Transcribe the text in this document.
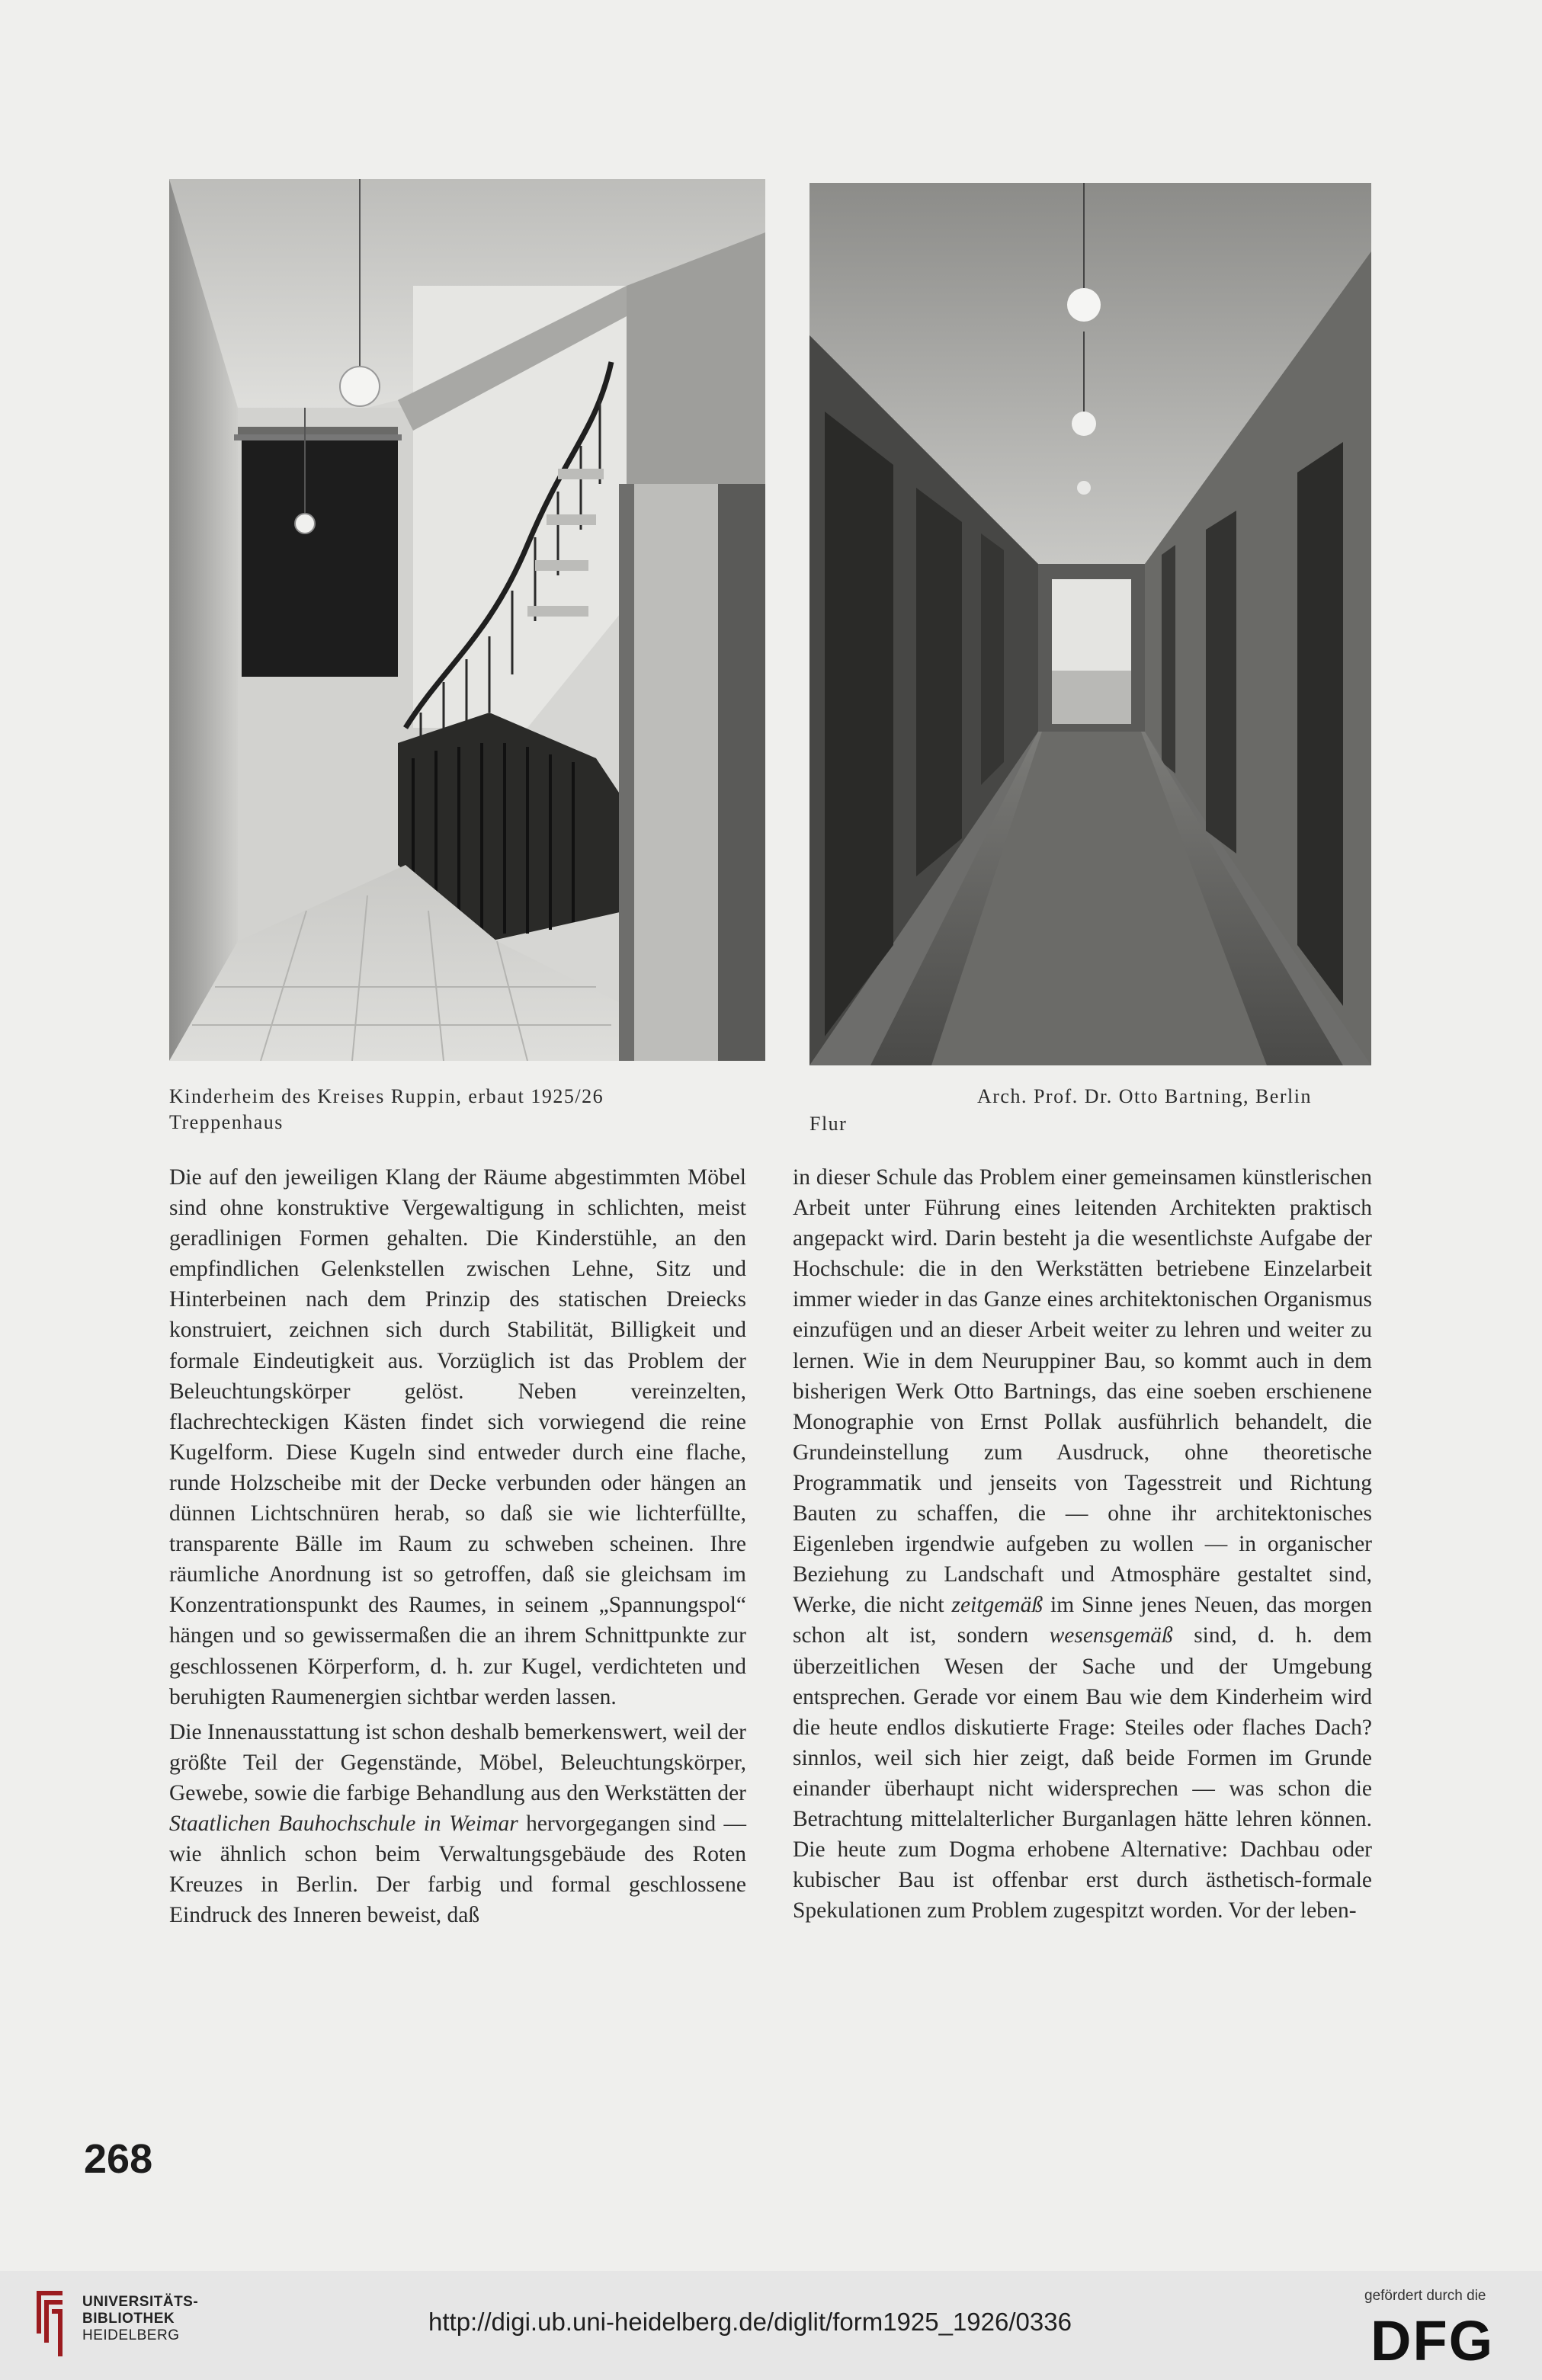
Kinderheim des Kreises Ruppin, erbaut 1925/26
Treppenhaus
Arch. Prof. Dr. Otto Bartning, Berlin
Flur

Die auf den jeweiligen Klang der Räume abgestimmten Möbel sind ohne konstruktive Vergewaltigung in schlichten, meist geradlinigen Formen gehalten. Die Kinderstühle, an den empfindlichen Gelenkstellen zwischen Lehne, Sitz und Hinterbeinen nach dem Prinzip des statischen Dreiecks konstruiert, zeichnen sich durch Stabilität, Billigkeit und formale Eindeutigkeit aus. Vorzüglich ist das Problem der Beleuchtungskörper gelöst. Neben vereinzelten, flachrechteckigen Kästen findet sich vorwiegend die reine Kugelform. Diese Kugeln sind entweder durch eine flache, runde Holzscheibe mit der Decke verbunden oder hängen an dünnen Lichtschnüren herab, so daß sie wie lichterfüllte, transparente Bälle im Raum zu schweben scheinen. Ihre räumliche Anordnung ist so getroffen, daß sie gleichsam im Konzentrationspunkt des Raumes, in seinem „Spannungspol“ hängen und so gewissermaßen die an ihrem Schnittpunkte zur geschlossenen Körperform, d. h. zur Kugel, verdichteten und beruhigten Raumenergien sichtbar werden lassen.

Die Innenausstattung ist schon deshalb bemerkenswert, weil der größte Teil der Gegenstände, Möbel, Beleuchtungskörper, Gewebe, sowie die farbige Behandlung aus den Werkstätten der Staatlichen Bauhochschule in Weimar hervorgegangen sind — wie ähnlich schon beim Verwaltungsgebäude des Roten Kreuzes in Berlin. Der farbig und formal geschlossene Eindruck des Inneren beweist, daß

in dieser Schule das Problem einer gemeinsamen künstlerischen Arbeit unter Führung eines leitenden Architekten praktisch angepackt wird. Darin besteht ja die wesentlichste Aufgabe der Hochschule: die in den Werkstätten betriebene Einzelarbeit immer wieder in das Ganze eines architektonischen Organismus einzufügen und an dieser Arbeit weiter zu lehren und weiter zu lernen. Wie in dem Neuruppiner Bau, so kommt auch in dem bisherigen Werk Otto Bartnings, das eine soeben erschienene Monographie von Ernst Pollak ausführlich behandelt, die Grundeinstellung zum Ausdruck, ohne theoretische Programmatik und jenseits von Tagesstreit und Richtung Bauten zu schaffen, die — ohne ihr architektonisches Eigenleben irgendwie aufgeben zu wollen — in organischer Beziehung zu Landschaft und Atmosphäre gestaltet sind, Werke, die nicht zeitgemäß im Sinne jenes Neuen, das morgen schon alt ist, sondern wesensgemäß sind, d. h. dem überzeitlichen Wesen der Sache und der Umgebung entsprechen. Gerade vor einem Bau wie dem Kinderheim wird die heute endlos diskutierte Frage: Steiles oder flaches Dach? sinnlos, weil sich hier zeigt, daß beide Formen im Grunde einander überhaupt nicht widersprechen — was schon die Betrachtung mittelalterlicher Burganlagen hätte lehren können. Die heute zum Dogma erhobene Alternative: Dachbau oder kubischer Bau ist offenbar erst durch ästhetisch-formale Spekulationen zum Problem zugespitzt worden. Vor der leben-

268
UNIVERSITÄTS-
BIBLIOTHEK
HEIDELBERG	http://digi.ub.uni-heidelberg.de/diglit/form1925_1926/0336
gefördert durch die
DFG
